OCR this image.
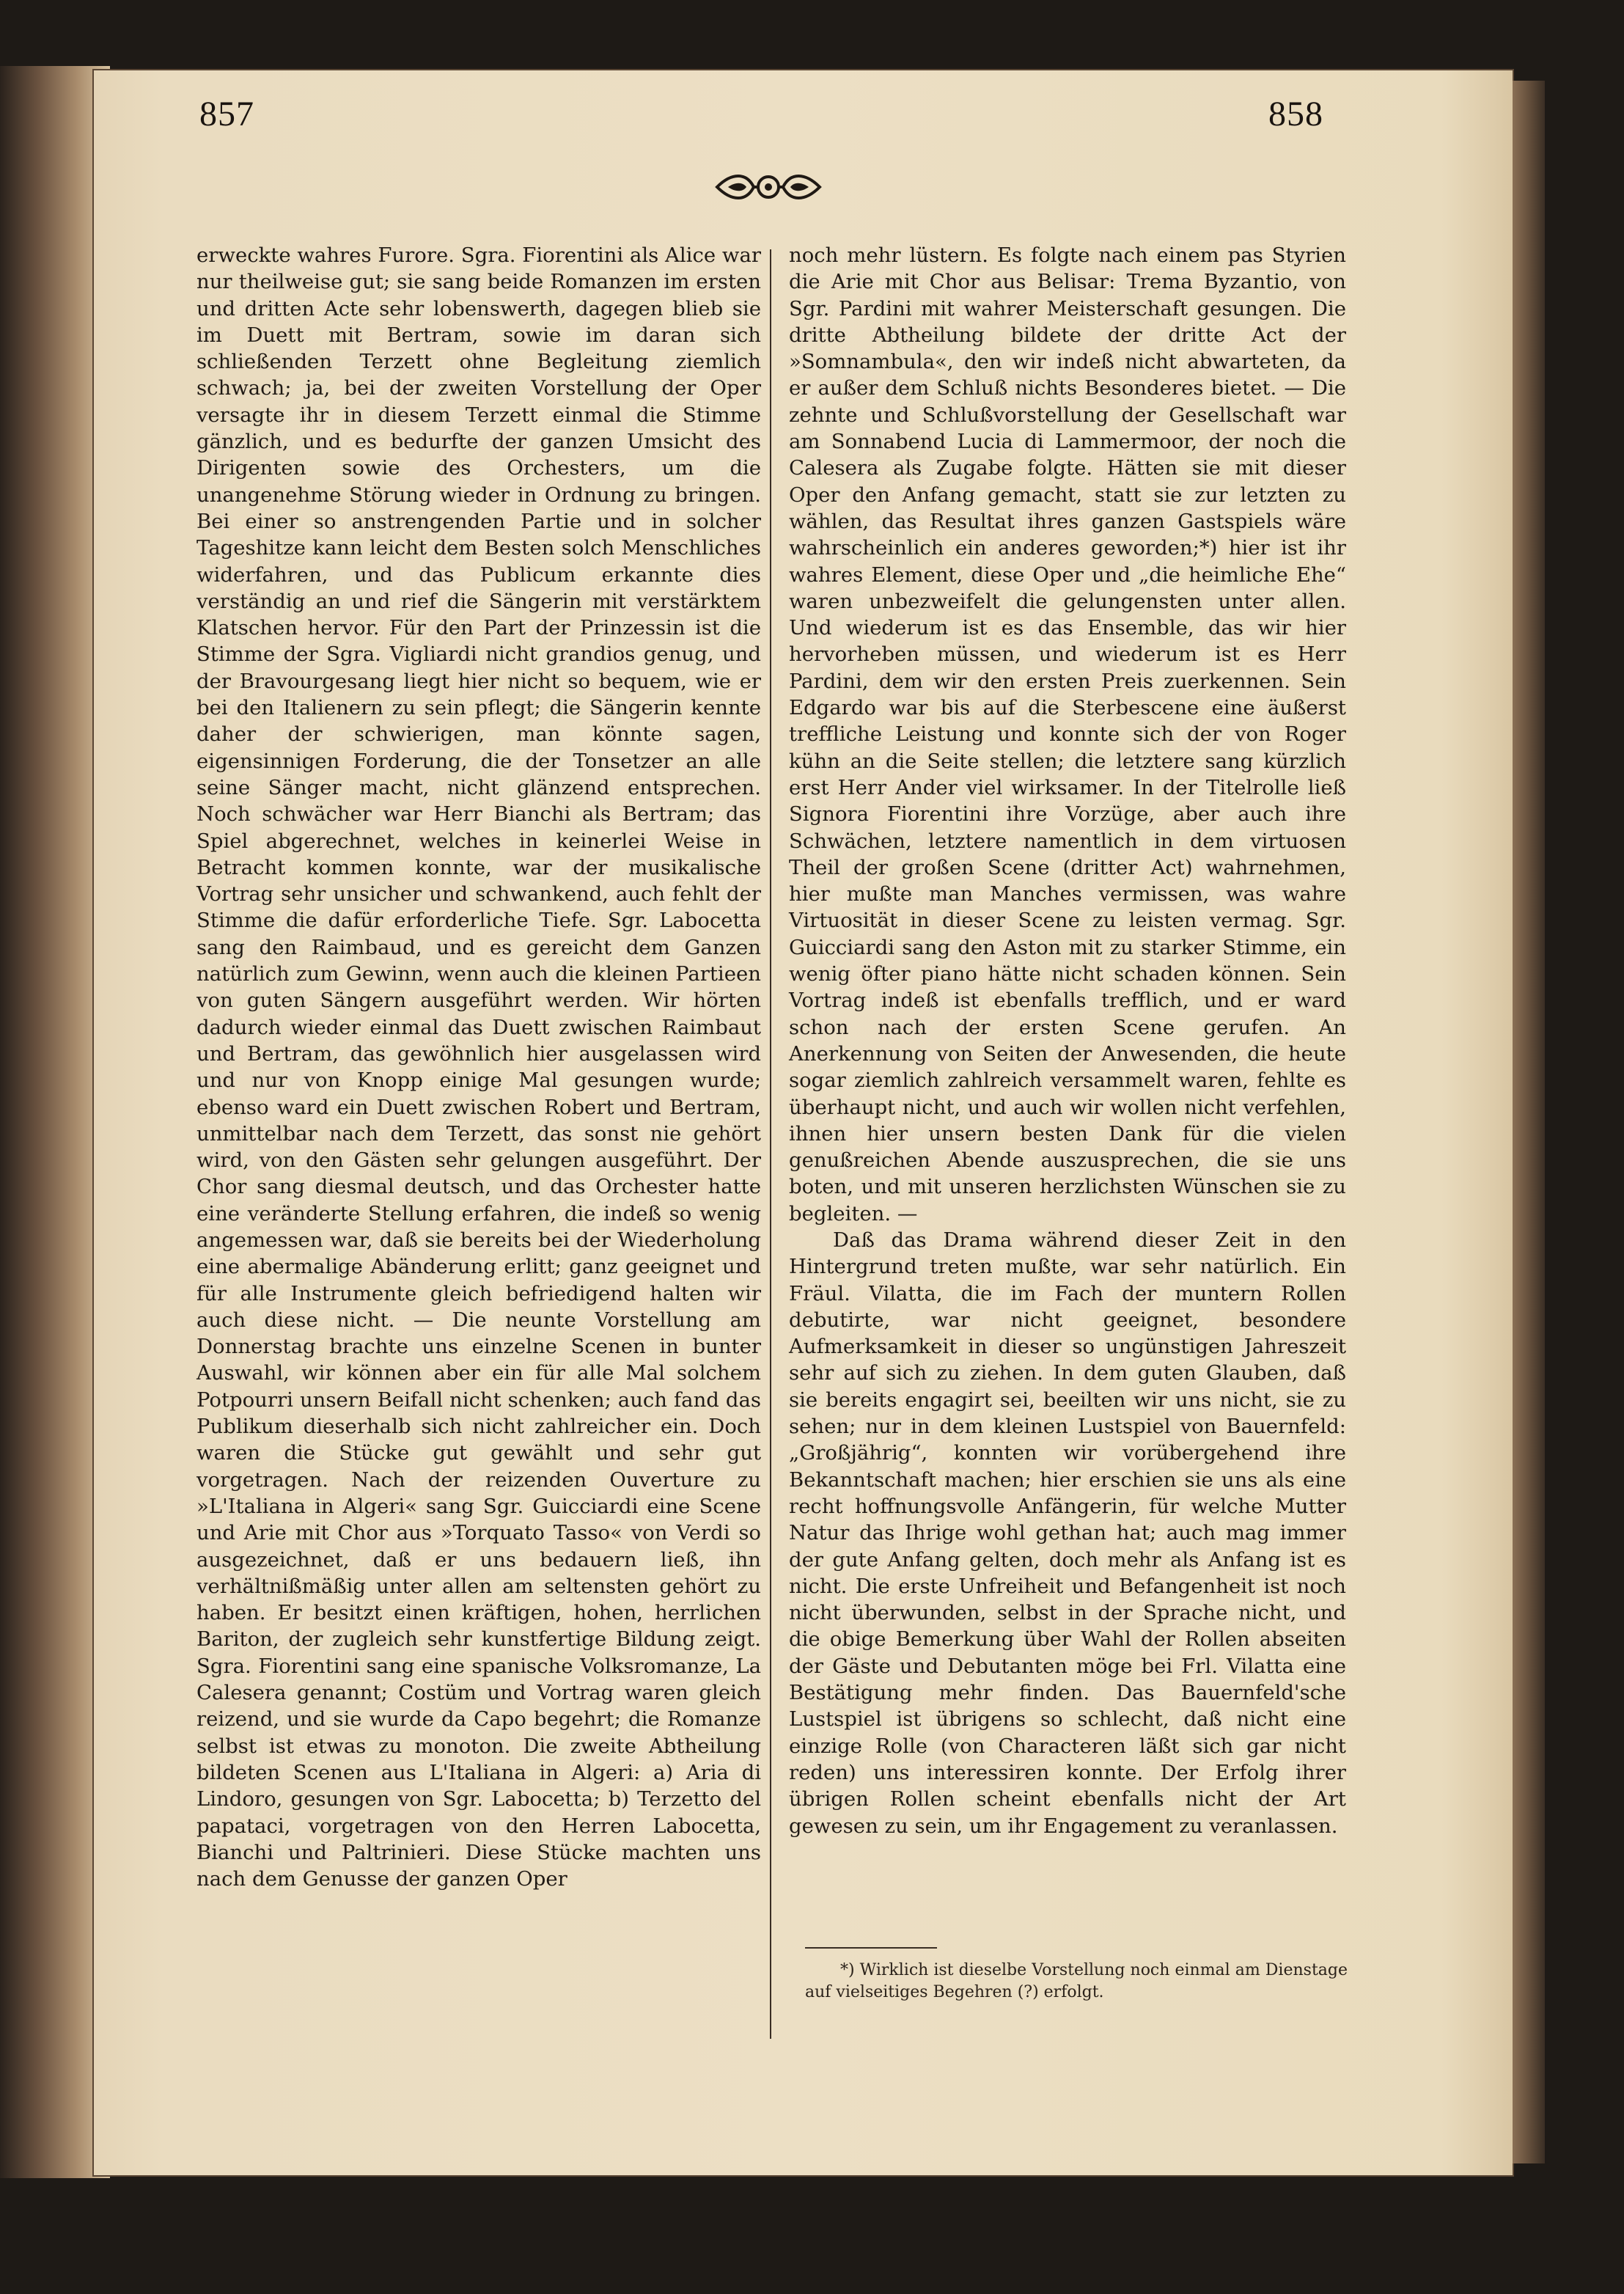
857	858

erweckte wahres Furore. Sgra. Fiorentini als Alice war nur theilweise gut; sie sang beide Romanzen im ersten und dritten Acte sehr lobenswerth, dagegen blieb sie im Duett mit Bertram, sowie im daran sich schließenden Terzett ohne Begleitung ziemlich schwach; ja, bei der zweiten Vorstellung der Oper versagte ihr in diesem Terzett einmal die Stimme gänzlich, und es bedurfte der ganzen Umsicht des Dirigenten sowie des Orchesters, um die unangenehme Störung wieder in Ordnung zu bringen. Bei einer so anstrengenden Partie und in solcher Tageshitze kann leicht dem Besten solch Menschliches widerfahren, und das Publicum erkannte dies verständig an und rief die Sängerin mit verstärktem Klatschen hervor. Für den Part der Prinzessin ist die Stimme der Sgra. Vigliardi nicht grandios genug, und der Bravourgesang liegt hier nicht so bequem, wie er bei den Italienern zu sein pflegt; die Sängerin kennte daher der schwierigen, man könnte sagen, eigensinnigen Forderung, die der Tonsetzer an alle seine Sänger macht, nicht glänzend entsprechen. Noch schwächer war Herr Bianchi als Bertram; das Spiel abgerechnet, welches in keinerlei Weise in Betracht kommen konnte, war der musikalische Vortrag sehr unsicher und schwankend, auch fehlt der Stimme die dafür erforderliche Tiefe. Sgr. Labocetta sang den Raimbaud, und es gereicht dem Ganzen natürlich zum Gewinn, wenn auch die kleinen Partieen von guten Sängern ausgeführt werden. Wir hörten dadurch wieder einmal das Duett zwischen Raimbaut und Bertram, das gewöhnlich hier ausgelassen wird und nur von Knopp einige Mal gesungen wurde; ebenso ward ein Duett zwischen Robert und Bertram, unmittelbar nach dem Terzett, das sonst nie gehört wird, von den Gästen sehr gelungen ausgeführt. Der Chor sang diesmal deutsch, und das Orchester hatte eine veränderte Stellung erfahren, die indeß so wenig angemessen war, daß sie bereits bei der Wiederholung eine abermalige Abänderung erlitt; ganz geeignet und für alle Instrumente gleich befriedigend halten wir auch diese nicht. — Die neunte Vorstellung am Donnerstag brachte uns einzelne Scenen in bunter Auswahl, wir können aber ein für alle Mal solchem Potpourri unsern Beifall nicht schenken; auch fand das Publikum dieserhalb sich nicht zahlreicher ein. Doch waren die Stücke gut gewählt und sehr gut vorgetragen. Nach der reizenden Ouverture zu »L'Italiana in Algeri« sang Sgr. Guicciardi eine Scene und Arie mit Chor aus »Torquato Tasso« von Verdi so ausgezeichnet, daß er uns bedauern ließ, ihn verhältnißmäßig unter allen am seltensten gehört zu haben. Er besitzt einen kräftigen, hohen, herrlichen Bariton, der zugleich sehr kunstfertige Bildung zeigt. Sgra. Fiorentini sang eine spanische Volksromanze, La Calesera genannt; Costüm und Vortrag waren gleich reizend, und sie wurde da Capo begehrt; die Romanze selbst ist etwas zu monoton. Die zweite Abtheilung bildeten Scenen aus L'Italiana in Algeri: a) Aria di Lindoro, gesungen von Sgr. Labocetta; b) Terzetto del papataci, vorgetragen von den Herren Labocetta, Bianchi und Paltrinieri. Diese Stücke machten uns nach dem Genusse der ganzen Oper

noch mehr lüstern. Es folgte nach einem pas Styrien die Arie mit Chor aus Belisar: Trema Byzantio, von Sgr. Pardini mit wahrer Meisterschaft gesungen. Die dritte Abtheilung bildete der dritte Act der »Somnambula«, den wir indeß nicht abwarteten, da er außer dem Schluß nichts Besonderes bietet. — Die zehnte und Schlußvorstellung der Gesellschaft war am Sonnabend Lucia di Lammermoor, der noch die Calesera als Zugabe folgte. Hätten sie mit dieser Oper den Anfang gemacht, statt sie zur letzten zu wählen, das Resultat ihres ganzen Gastspiels wäre wahrscheinlich ein anderes geworden;*) hier ist ihr wahres Element, diese Oper und „die heimliche Ehe“ waren unbezweifelt die gelungensten unter allen. Und wiederum ist es das Ensemble, das wir hier hervorheben müssen, und wiederum ist es Herr Pardini, dem wir den ersten Preis zuerkennen. Sein Edgardo war bis auf die Sterbescene eine äußerst treffliche Leistung und konnte sich der von Roger kühn an die Seite stellen; die letztere sang kürzlich erst Herr Ander viel wirksamer. In der Titelrolle ließ Signora Fiorentini ihre Vorzüge, aber auch ihre Schwächen, letztere namentlich in dem virtuosen Theil der großen Scene (dritter Act) wahrnehmen, hier mußte man Manches vermissen, was wahre Virtuosität in dieser Scene zu leisten vermag. Sgr. Guicciardi sang den Aston mit zu starker Stimme, ein wenig öfter piano hätte nicht schaden können. Sein Vortrag indeß ist ebenfalls trefflich, und er ward schon nach der ersten Scene gerufen. An Anerkennung von Seiten der Anwesenden, die heute sogar ziemlich zahlreich versammelt waren, fehlte es überhaupt nicht, und auch wir wollen nicht verfehlen, ihnen hier unsern besten Dank für die vielen genußreichen Abende auszusprechen, die sie uns boten, und mit unseren herzlichsten Wünschen sie zu begleiten. —

Daß das Drama während dieser Zeit in den Hintergrund treten mußte, war sehr natürlich. Ein Fräul. Vilatta, die im Fach der muntern Rollen debutirte, war nicht geeignet, besondere Aufmerksamkeit in dieser so ungünstigen Jahreszeit sehr auf sich zu ziehen. In dem guten Glauben, daß sie bereits engagirt sei, beeilten wir uns nicht, sie zu sehen; nur in dem kleinen Lustspiel von Bauernfeld: „Großjährig“, konnten wir vorübergehend ihre Bekanntschaft machen; hier erschien sie uns als eine recht hoffnungsvolle Anfängerin, für welche Mutter Natur das Ihrige wohl gethan hat; auch mag immer der gute Anfang gelten, doch mehr als Anfang ist es nicht. Die erste Unfreiheit und Befangenheit ist noch nicht überwunden, selbst in der Sprache nicht, und die obige Bemerkung über Wahl der Rollen abseiten der Gäste und Debutanten möge bei Frl. Vilatta eine Bestätigung mehr finden. Das Bauernfeld'sche Lustspiel ist übrigens so schlecht, daß nicht eine einzige Rolle (von Characteren läßt sich gar nicht reden) uns interessiren konnte. Der Erfolg ihrer übrigen Rollen scheint ebenfalls nicht der Art gewesen zu sein, um ihr Engagement zu veranlassen.

*) Wirklich ist dieselbe Vorstellung noch einmal am Dienstage auf vielseitiges Begehren (?) erfolgt.
